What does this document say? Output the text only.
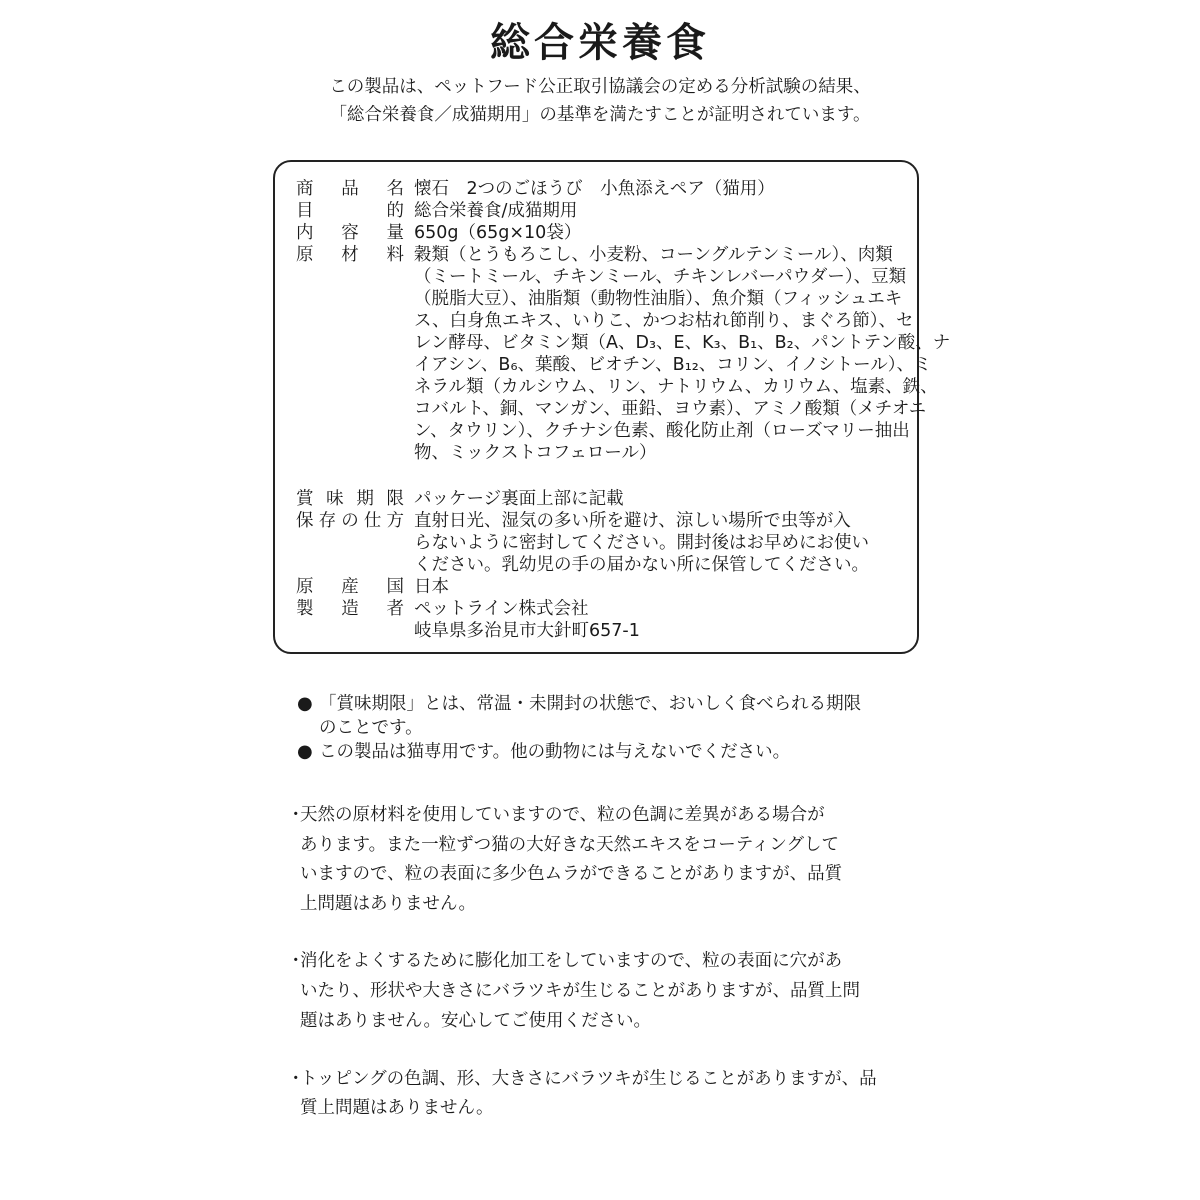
総合栄養食
この製品は、ペットフード公正取引協議会の定める分析試験の結果、
「総合栄養食／成猫期用」の基準を満たすことが証明されています。
商 品 名 懐石　2つのごほうび　小魚添えペア（猫用）
目	的 総合栄養食/成猫期用
内 容 量 650g（65g×10袋）
原 材 料 穀類（とうもろこし、小麦粉、コーングルテンミール）、肉類
（ミートミール、チキンミール、チキンレバーパウダー）、豆類
（脱脂大豆）、油脂類（動物性油脂）、魚介類（フィッシュエキ
ス、白身魚エキス、いりこ、かつお枯れ節削り、まぐろ節）、セ
レン酵母、ビタミン類（A、D₃、E、K₃、B₁、B₂、パントテン酸、ナ
イアシン、B₆、葉酸、ビオチン、B₁₂、コリン、イノシトール）、ミ
ネラル類（カルシウム、リン、ナトリウム、カリウム、塩素、鉄、
コバルト、銅、マンガン、亜鉛、ヨウ素）、アミノ酸類（メチオニ
ン、タウリン）、クチナシ色素、酸化防止剤（ローズマリー抽出
物、ミックストコフェロール）
賞 味 期 限 パッケージ裏面上部に記載
保 存 の 仕 方 直射日光、湿気の多い所を避け、涼しい場所で虫等が入
らないように密封してください。開封後はお早めにお使い
ください。乳幼児の手の届かない所に保管してください。
原 産 国 日本
製 造 者 ペットライン株式会社
岐阜県多治見市大針町657-1
● 「賞味期限」とは、常温・未開封の状態で、おいしく食べられる期限
のことです。
● この製品は猫専用です。他の動物には与えないでください。
・
天然の原材料を使用していますので、粒の色調に差異がある場合が
あります。また一粒ずつ猫の大好きな天然エキスをコーティングして
いますので、粒の表面に多少色ムラができることがありますが、品質
上問題はありません。
・
消化をよくするために膨化加工をしていますので、粒の表面に穴があ
いたり、形状や大きさにバラツキが生じることがありますが、品質上問
題はありません。安心してご使用ください。
・
トッピングの色調、形、大きさにバラツキが生じることがありますが、品
質上問題はありません。
